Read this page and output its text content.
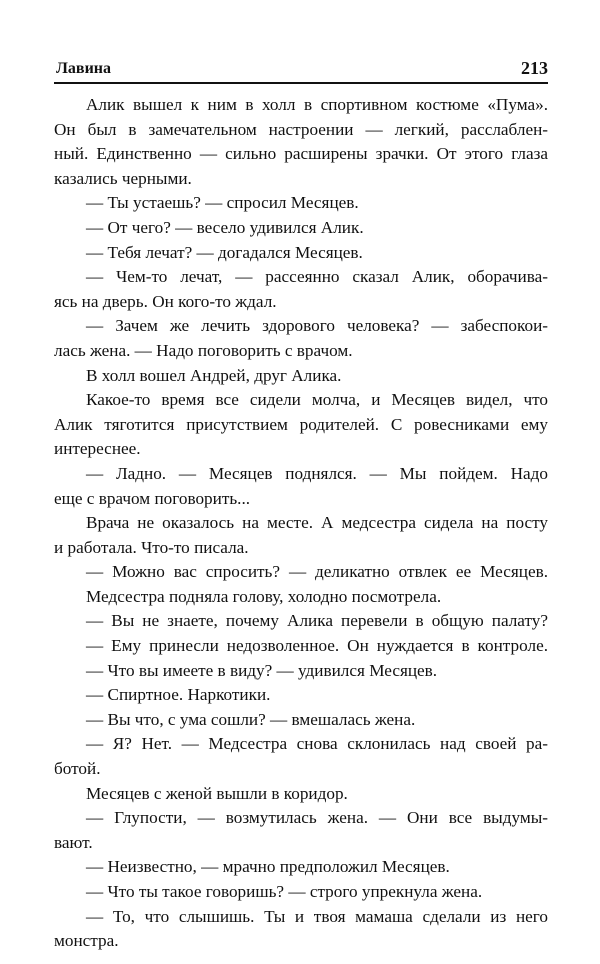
Лавина	213
Алик вышел к ним в холл в спортивном костюме «Пума».
Он был в замечательном настроении — легкий, расслаблен-
ный. Единственно — сильно расширены зрачки. От этого глаза
казались черными.
— Ты устаешь? — спросил Месяцев.
— От чего? — весело удивился Алик.
— Тебя лечат? — догадался Месяцев.
— Чем-то лечат, — рассеянно сказал Алик, оборачива-
ясь на дверь. Он кого-то ждал.
— Зачем же лечить здорового человека? — забеспокои-
лась жена. — Надо поговорить с врачом.
В холл вошел Андрей, друг Алика.
Какое-то время все сидели молча, и Месяцев видел, что
Алик тяготится присутствием родителей. С ровесниками ему
интереснее.
— Ладно. — Месяцев поднялся. — Мы пойдем. Надо
еще с врачом поговорить...
Врача не оказалось на месте. А медсестра сидела на посту
и работала. Что-то писала.
— Можно вас спросить? — деликатно отвлек ее Месяцев.
Медсестра подняла голову, холодно посмотрела.
— Вы не знаете, почему Алика перевели в общую палату?
— Ему принесли недозволенное. Он нуждается в контроле.
— Что вы имеете в виду? — удивился Месяцев.
— Спиртное. Наркотики.
— Вы что, с ума сошли? — вмешалась жена.
— Я? Нет. — Медсестра снова склонилась над своей ра-
ботой.
Месяцев с женой вышли в коридор.
— Глупости, — возмутилась жена. — Они все выдумы-
вают.
— Неизвестно, — мрачно предположил Месяцев.
— Что ты такое говоришь? — строго упрекнула жена.
— То, что слышишь. Ты и твоя мамаша сделали из него
монстра.
